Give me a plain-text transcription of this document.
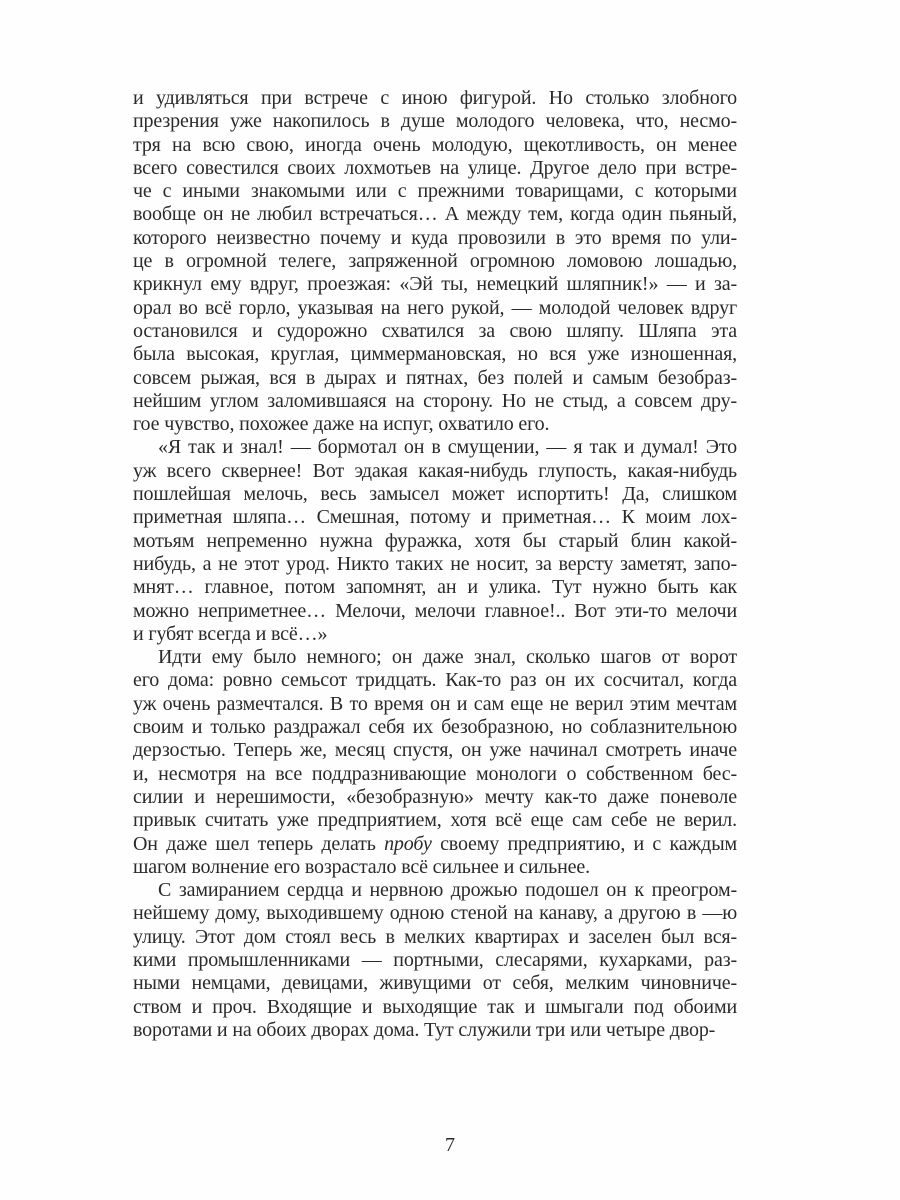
и удивляться при встрече с иною фигурой. Но столько злобного
презрения уже накопилось в душе молодого человека, что, несмо-
тря на всю свою, иногда очень молодую, щекотливость, он менее
всего совестился своих лохмотьев на улице. Другое дело при встре-
че с иными знакомыми или с прежними товарищами, с которыми
вообще он не любил встречаться… А между тем, когда один пьяный,
которого неизвестно почему и куда провозили в это время по ули-
це в огромной телеге, запряженной огромною ломовою лошадью,
крикнул ему вдруг, проезжая: «Эй ты, немецкий шляпник!» — и за-
орал во всё горло, указывая на него рукой, — молодой человек вдруг
остановился и судорожно схватился за свою шляпу. Шляпа эта
была высокая, круглая, циммермановская, но вся уже изношенная,
совсем рыжая, вся в дырах и пятнах, без полей и самым безобраз-
нейшим углом заломившаяся на сторону. Но не стыд, а совсем дру-
гое чувство, похожее даже на испуг, охватило его.
«Я так и знал! — бормотал он в смущении, — я так и думал! Это
уж всего сквернее! Вот эдакая какая-нибудь глупость, какая-нибудь
пошлейшая мелочь, весь замысел может испортить! Да, слишком
приметная шляпа… Смешная, потому и приметная… К моим лох-
мотьям непременно нужна фуражка, хотя бы старый блин какой-
нибудь, а не этот урод. Никто таких не носит, за версту заметят, запо-
мнят… главное, потом запомнят, ан и улика. Тут нужно быть как
можно неприметнее… Мелочи, мелочи главное!.. Вот эти-то мелочи
и губят всегда и всё…»
Идти ему было немного; он даже знал, сколько шагов от ворот
его дома: ровно семьсот тридцать. Как-то раз он их сосчитал, когда
уж очень размечтался. В то время он и сам еще не верил этим мечтам
своим и только раздражал себя их безобразною, но соблазнительною
дерзостью. Теперь же, месяц спустя, он уже начинал смотреть иначе
и, несмотря на все поддразнивающие монологи о собственном бес-
силии и нерешимости, «безобразную» мечту как-то даже поневоле
привык считать уже предприятием, хотя всё еще сам себе не верил.
Он даже шел теперь делать пробу своему предприятию, и с каждым
шагом волнение его возрастало всё сильнее и сильнее.
С замиранием сердца и нервною дрожью подошел он к преогром-
нейшему дому, выходившему одною стеной на канаву, а другою в —ю
улицу. Этот дом стоял весь в мелких квартирах и заселен был вся-
кими промышленниками — портными, слесарями, кухарками, раз-
ными немцами, девицами, живущими от себя, мелким чиновниче-
ством и проч. Входящие и выходящие так и шмыгали под обоими
воротами и на обоих дворах дома. Тут служили три или четыре двор-
7
